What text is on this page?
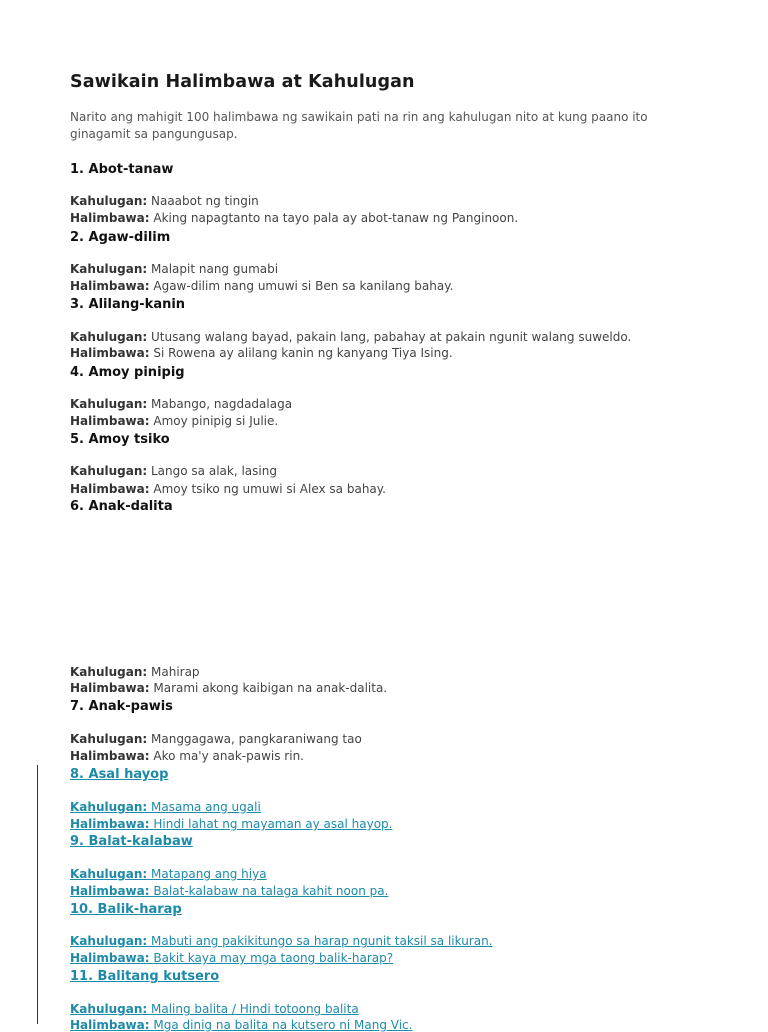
Sawikain Halimbawa at Kahulugan
Narito ang mahigit 100 halimbawa ng sawikain pati na rin ang kahulugan nito at kung paano ito ginagamit sa pangungusap.
1. Abot-tanaw
Kahulugan: Naaabot ng tingin
Halimbawa: Aking napagtanto na tayo pala ay abot-tanaw ng Panginoon.
2. Agaw-dilim
Kahulugan: Malapit nang gumabi
Halimbawa: Agaw-dilim nang umuwi si Ben sa kanilang bahay.
3. Alilang-kanin
Kahulugan: Utusang walang bayad, pakain lang, pabahay at pakain ngunit walang suweldo.
Halimbawa: Si Rowena ay alilang kanin ng kanyang Tiya Ising.
4. Amoy pinipig
Kahulugan: Mabango, nagdadalaga
Halimbawa: Amoy pinipig si Julie.
5. Amoy tsiko
Kahulugan: Lango sa alak, lasing
Halimbawa: Amoy tsiko ng umuwi si Alex sa bahay.
6. Anak-dalita
Kahulugan: Mahirap
Halimbawa: Marami akong kaibigan na anak-dalita.
7. Anak-pawis
Kahulugan: Manggagawa, pangkaraniwang tao
Halimbawa: Ako ma'y anak-pawis rin.
8. Asal hayop
Kahulugan: Masama ang ugali
Halimbawa: Hindi lahat ng mayaman ay asal hayop.
9. Balat-kalabaw
Kahulugan: Matapang ang hiya
Halimbawa: Balat-kalabaw na talaga kahit noon pa.
10. Balik-harap
Kahulugan: Mabuti ang pakikitungo sa harap ngunit taksil sa likuran.
Halimbawa: Bakit kaya may mga taong balik-harap?
11. Balitang kutsero
Kahulugan: Maling balita / Hindi totoong balita
Halimbawa: Mga dinig na balita na kutsero ni Mang Vic.
